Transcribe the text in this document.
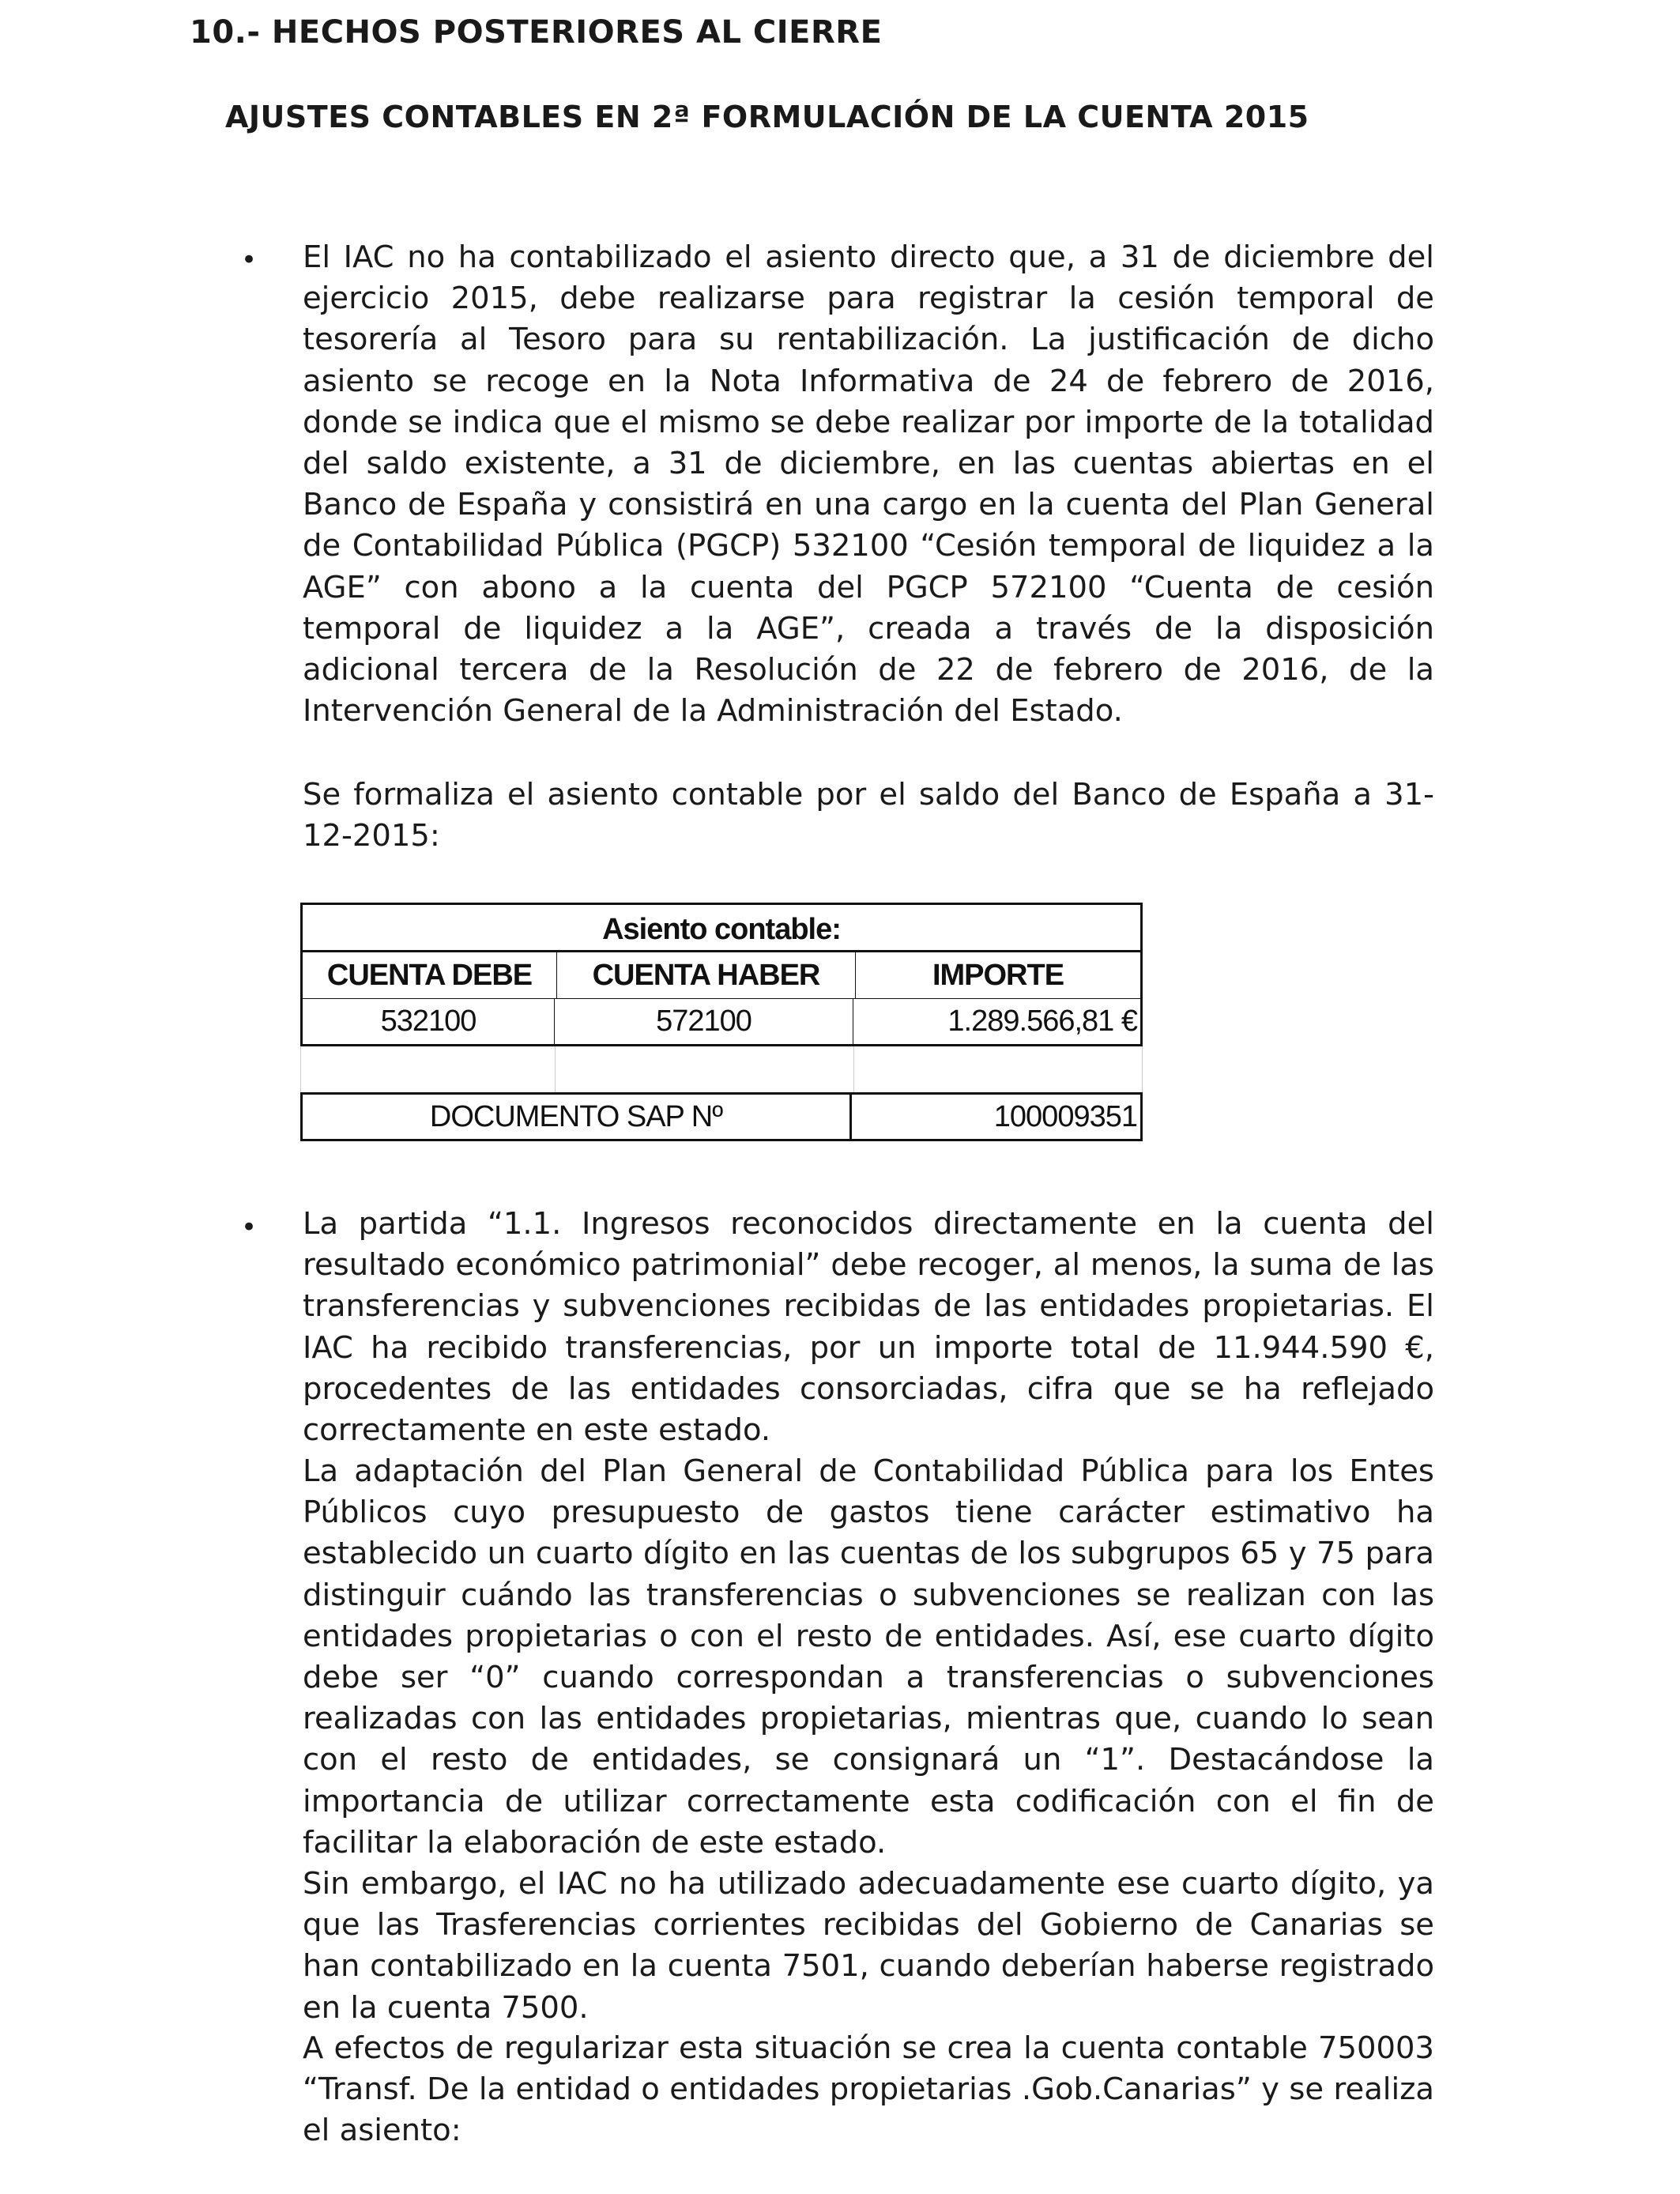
10.- HECHOS POSTERIORES AL CIERRE
AJUSTES CONTABLES EN 2ª FORMULACIÓN DE LA CUENTA 2015
• El IAC no ha contabilizado el asiento directo que, a 31 de diciembre del ejercicio 2015, debe realizarse para registrar la cesión temporal de tesorería al Tesoro para su rentabilización. La justificación de dicho asiento se recoge en la Nota Informativa de 24 de febrero de 2016, donde se indica que el mismo se debe realizar por importe de la totalidad del saldo existente, a 31 de diciembre, en las cuentas abiertas en el Banco de España y consistirá en una cargo en la cuenta del Plan General de Contabilidad Pública (PGCP) 532100 “Cesión temporal de liquidez a la AGE” con abono a la cuenta del PGCP 572100 “Cuenta de cesión temporal de liquidez a la AGE”, creada a través de la disposición adicional tercera de la Resolución de 22 de febrero de 2016, de la Intervención General de la Administración del Estado.

Se formaliza el asiento contable por el saldo del Banco de España a 31-12-2015:

Asiento contable:
CUENTA DEBE	CUENTA HABER	IMPORTE
532100	572100	1.289.566,81 €
DOCUMENTO SAP Nº	100009351
• La partida “1.1. Ingresos reconocidos directamente en la cuenta del resultado económico patrimonial” debe recoger, al menos, la suma de las transferencias y subvenciones recibidas de las entidades propietarias. El IAC ha recibido transferencias, por un importe total de 11.944.590 €, procedentes de las entidades consorciadas, cifra que se ha reflejado correctamente en este estado.

La adaptación del Plan General de Contabilidad Pública para los Entes Públicos cuyo presupuesto de gastos tiene carácter estimativo ha establecido un cuarto dígito en las cuentas de los subgrupos 65 y 75 para distinguir cuándo las transferencias o subvenciones se realizan con las entidades propietarias o con el resto de entidades. Así, ese cuarto dígito debe ser “0” cuando correspondan a transferencias o subvenciones realizadas con las entidades propietarias, mientras que, cuando lo sean con el resto de entidades, se consignará un “1”. Destacándose la importancia de utilizar correctamente esta codificación con el fin de facilitar la elaboración de este estado.

Sin embargo, el IAC no ha utilizado adecuadamente ese cuarto dígito, ya que las Trasferencias corrientes recibidas del Gobierno de Canarias se han contabilizado en la cuenta 7501, cuando deberían haberse registrado en la cuenta 7500.

A efectos de regularizar esta situación se crea la cuenta contable 750003 “Transf. De la entidad o entidades propietarias .Gob.Canarias” y se realiza el asiento:
